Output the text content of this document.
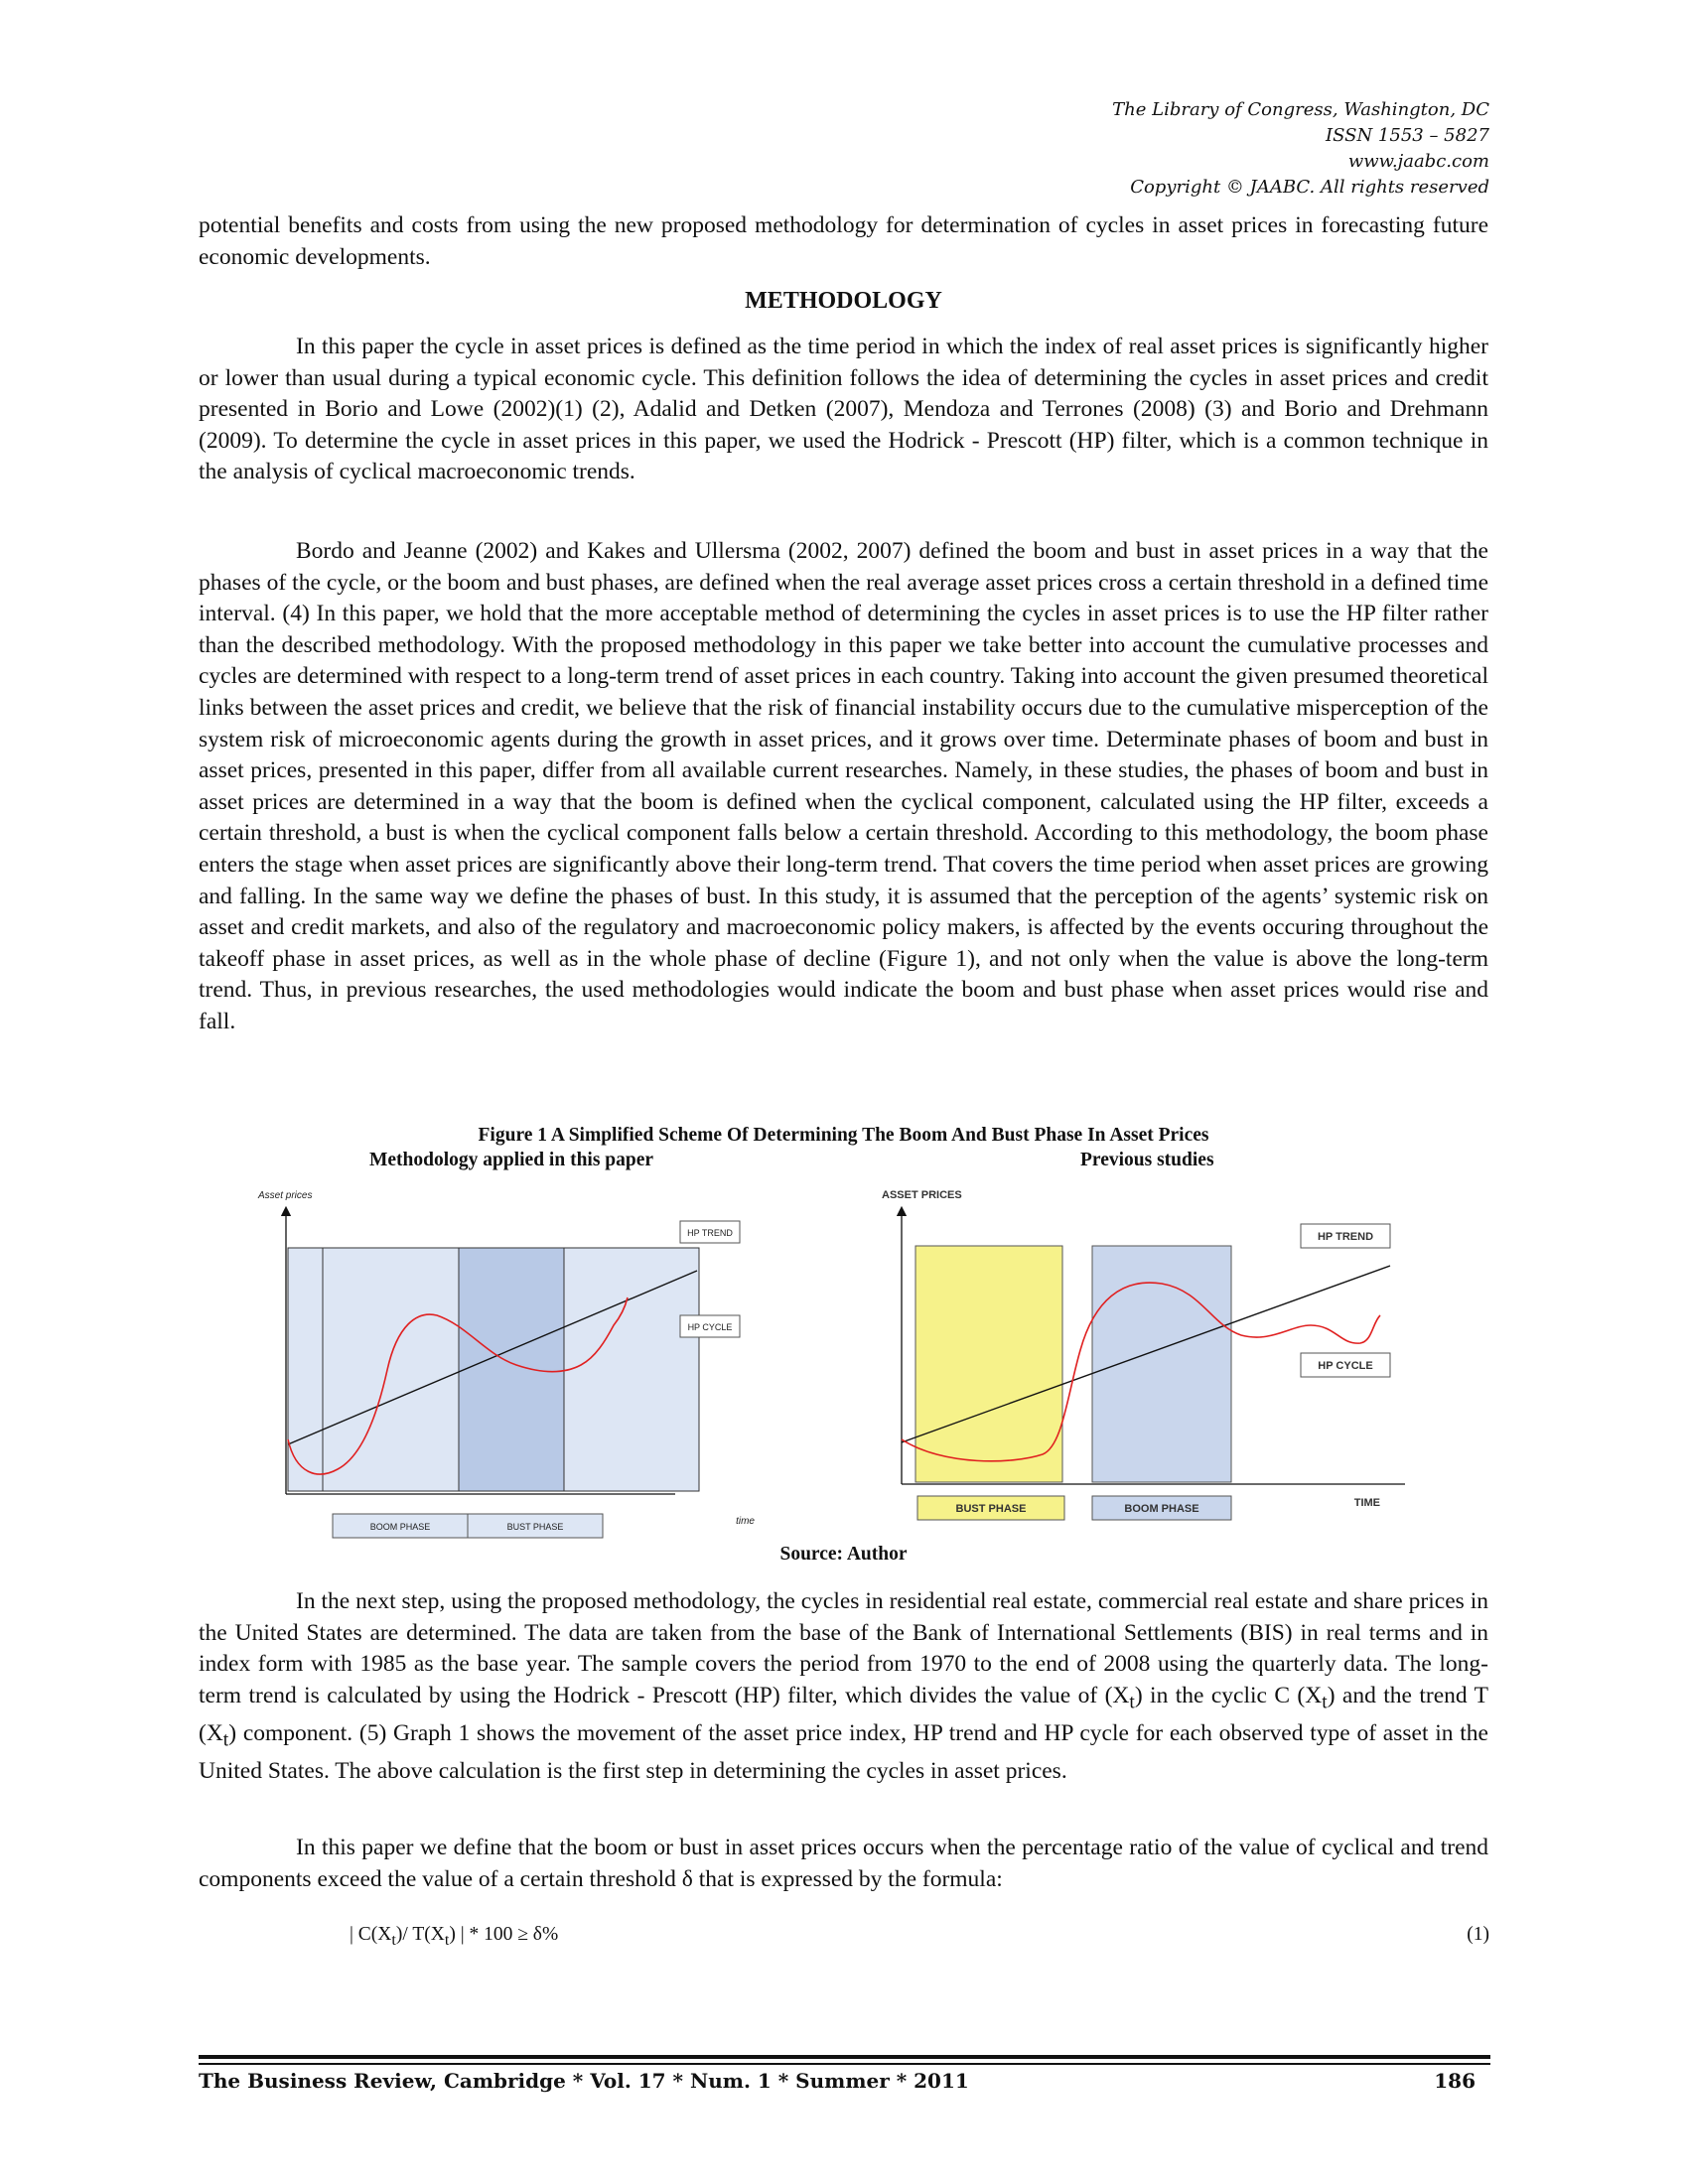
The Library of Congress, Washington, DC
ISSN 1553 – 5827
www.jaabc.com
Copyright © JAABC. All rights reserved

potential benefits and costs from using the new proposed methodology for determination of cycles in asset prices in forecasting future economic developments.

METHODOLOGY

In this paper the cycle in asset prices is defined as the time period in which the index of real asset prices is significantly higher or lower than usual during a typical economic cycle. This definition follows the idea of determining the cycles in asset prices and credit presented in Borio and Lowe (2002)(1) (2), Adalid and Detken (2007), Mendoza and Terrones (2008) (3) and Borio and Drehmann (2009). To determine the cycle in asset prices in this paper, we used the Hodrick - Prescott (HP) filter, which is a common technique in the analysis of cyclical macroeconomic trends.

Bordo and Jeanne (2002) and Kakes and Ullersma (2002, 2007) defined the boom and bust in asset prices in a way that the phases of the cycle, or the boom and bust phases, are defined when the real average asset prices cross a certain threshold in a defined time interval. (4) In this paper, we hold that the more acceptable method of determining the cycles in asset prices is to use the HP filter rather than the described methodology. With the proposed methodology in this paper we take better into account the cumulative processes and cycles are determined with respect to a long-term trend of asset prices in each country. Taking into account the given presumed theoretical links between the asset prices and credit, we believe that the risk of financial instability occurs due to the cumulative misperception of the system risk of microeconomic agents during the growth in asset prices, and it grows over time. Determinate phases of boom and bust in asset prices, presented in this paper, differ from all available current researches. Namely, in these studies, the phases of boom and bust in asset prices are determined in a way that the boom is defined when the cyclical component, calculated using the HP filter, exceeds a certain threshold, a bust is when the cyclical component falls below a certain threshold. According to this methodology, the boom phase enters the stage when asset prices are significantly above their long-term trend. That covers the time period when asset prices are growing and falling. In the same way we define the phases of bust. In this study, it is assumed that the perception of the agents’ systemic risk on asset and credit markets, and also of the regulatory and macroeconomic policy makers, is affected by the events occuring throughout the takeoff phase in asset prices, as well as in the whole phase of decline (Figure 1), and not only when the value is above the long-term trend. Thus, in previous researches, the used methodologies would indicate the boom and bust phase when asset prices would rise and fall.

Figure 1 A Simplified Scheme Of Determining The Boom And Bust Phase In Asset Prices
Methodology applied in this paper	Previous studies
Asset prices
HP TREND
HP CYCLE
BOOM PHASE	BUST PHASE	time
ASSET PRICES
HP TREND
HP CYCLE
BUST PHASE	BOOM PHASE	TIME
Source: Author

In the next step, using the proposed methodology, the cycles in residential real estate, commercial real estate and share prices in the United States are determined. The data are taken from the base of the Bank of International Settlements (BIS) in real terms and in index form with 1985 as the base year. The sample covers the period from 1970 to the end of 2008 using the quarterly data. The long-term trend is calculated by using the Hodrick - Prescott (HP) filter, which divides the value of $(X_t)$ in the cyclic C $(X_t)$ and the trend T $(X_t)$ component. (5) Graph 1 shows the movement of the asset price index, HP trend and HP cycle for each observed type of asset in the United States. The above calculation is the first step in determining the cycles in asset prices.

In this paper we define that the boom or bust in asset prices occurs when the percentage ratio of the value of cyclical and trend components exceed the value of a certain threshold δ that is expressed by the formula:

| $C(X_t)/$ $T(X_t)$ | * 100 ≥ δ%	(1)
The Business Review, Cambridge * Vol. 17 * Num. 1 * Summer * 2011	186
